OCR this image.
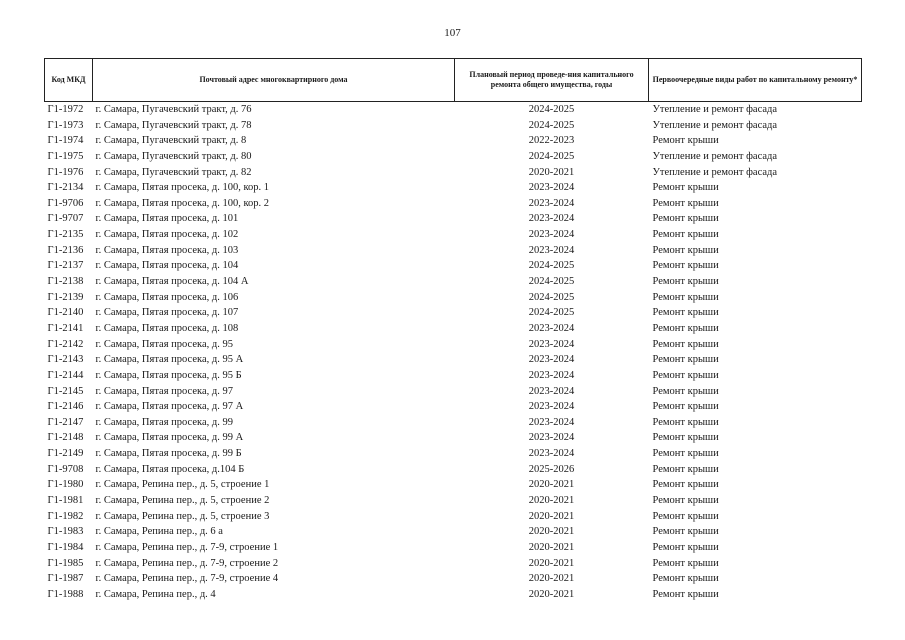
107
Код МКД	Почтовый адрес многоквартирного дома	Плановый период проведе-ния капитального ремонта общего имущества, годы	Первоочередные виды работ по капитальному ремонту*
Г1-1972	г. Самара, Пугачевский тракт, д. 76	2024-2025	Утепление и ремонт фасада
Г1-1973	г. Самара, Пугачевский тракт, д. 78	2024-2025	Утепление и ремонт фасада
Г1-1974	г. Самара, Пугачевский тракт, д. 8	2022-2023	Ремонт крыши
Г1-1975	г. Самара, Пугачевский тракт, д. 80	2024-2025	Утепление и ремонт фасада
Г1-1976	г. Самара, Пугачевский тракт, д. 82	2020-2021	Утепление и ремонт фасада
Г1-2134	г. Самара, Пятая просека, д. 100, кор. 1	2023-2024	Ремонт крыши
Г1-9706	г. Самара, Пятая просека, д. 100, кор. 2	2023-2024	Ремонт крыши
Г1-9707	г. Самара, Пятая просека, д. 101	2023-2024	Ремонт крыши
Г1-2135	г. Самара, Пятая просека, д. 102	2023-2024	Ремонт крыши
Г1-2136	г. Самара, Пятая просека, д. 103	2023-2024	Ремонт крыши
Г1-2137	г. Самара, Пятая просека, д. 104	2024-2025	Ремонт крыши
Г1-2138	г. Самара, Пятая просека, д. 104 А	2024-2025	Ремонт крыши
Г1-2139	г. Самара, Пятая просека, д. 106	2024-2025	Ремонт крыши
Г1-2140	г. Самара, Пятая просека, д. 107	2024-2025	Ремонт крыши
Г1-2141	г. Самара, Пятая просека, д. 108	2023-2024	Ремонт крыши
Г1-2142	г. Самара, Пятая просека, д. 95	2023-2024	Ремонт крыши
Г1-2143	г. Самара, Пятая просека, д. 95 А	2023-2024	Ремонт крыши
Г1-2144	г. Самара, Пятая просека, д. 95 Б	2023-2024	Ремонт крыши
Г1-2145	г. Самара, Пятая просека, д. 97	2023-2024	Ремонт крыши
Г1-2146	г. Самара, Пятая просека, д. 97 А	2023-2024	Ремонт крыши
Г1-2147	г. Самара, Пятая просека, д. 99	2023-2024	Ремонт крыши
Г1-2148	г. Самара, Пятая просека, д. 99 А	2023-2024	Ремонт крыши
Г1-2149	г. Самара, Пятая просека, д. 99 Б	2023-2024	Ремонт крыши
Г1-9708	г. Самара, Пятая просека, д.104 Б	2025-2026	Ремонт крыши
Г1-1980	г. Самара, Репина пер., д. 5, строение 1	2020-2021	Ремонт крыши
Г1-1981	г. Самара, Репина пер., д. 5, строение 2	2020-2021	Ремонт крыши
Г1-1982	г. Самара, Репина пер., д. 5, строение 3	2020-2021	Ремонт крыши
Г1-1983	г. Самара, Репина пер., д. 6 а	2020-2021	Ремонт крыши
Г1-1984	г. Самара, Репина пер., д. 7-9, строение 1	2020-2021	Ремонт крыши
Г1-1985	г. Самара, Репина пер., д. 7-9, строение 2	2020-2021	Ремонт крыши
Г1-1987	г. Самара, Репина пер., д. 7-9, строение 4	2020-2021	Ремонт крыши
Г1-1988	г. Самара, Репина пер., д. 4	2020-2021	Ремонт крыши
